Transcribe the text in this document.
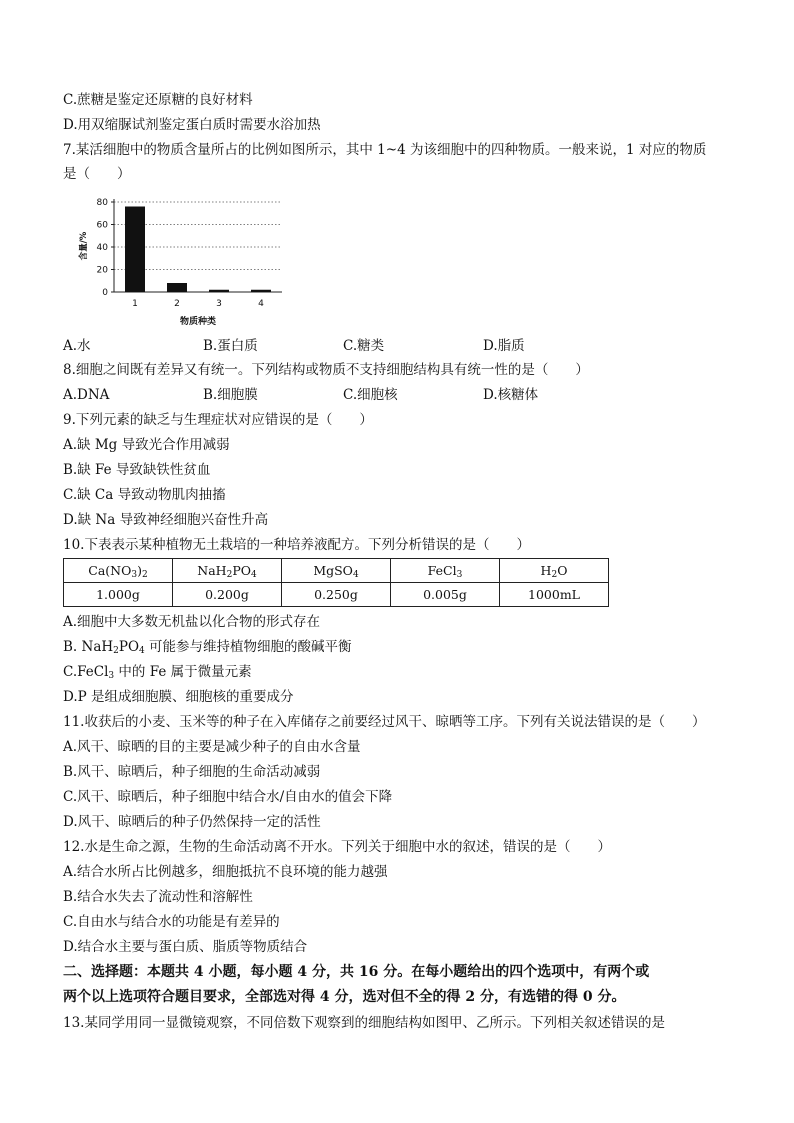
C.蔗糖是鉴定还原糖的良好材料
D.用双缩脲试剂鉴定蛋白质时需要水浴加热
7.某活细胞中的物质含量所占的比例如图所示，其中 1~4 为该细胞中的四种物质。一般来说，1 对应的物质
是（　　）
0
20
40
60
80
1	2	3	4
含量/%
物质种类
A.水	B.蛋白质	C.糖类	D.脂质
8.细胞之间既有差异又有统一。下列结构或物质不支持细胞结构具有统一性的是（　　）
A.DNA	B.细胞膜	C.细胞核	D.核糖体
9.下列元素的缺乏与生理症状对应错误的是（　　）
A.缺 Mg 导致光合作用减弱
B.缺 Fe 导致缺铁性贫血
C.缺 Ca 导致动物肌肉抽搐
D.缺 Na 导致神经细胞兴奋性升高
10.下表表示某种植物无土栽培的一种培养液配方。下列分析错误的是（　　）
$Ca(NO_3)_2$	$NaH_2PO_4$	MgSO$_4$	FeCl$_3$	$H_2O$
1.000g	0.200g	0.250g	0.005g	1000mL
A.细胞中大多数无机盐以化合物的形式存在
B. $NaH_2PO_4$ 可能参与维持植物细胞的酸碱平衡
C.FeCl$_3$ 中的 Fe 属于微量元素
D.P 是组成细胞膜、细胞核的重要成分
11.收获后的小麦、玉米等的种子在入库储存之前要经过风干、晾晒等工序。下列有关说法错误的是（　　）
A.风干、晾晒的目的主要是减少种子的自由水含量
B.风干、晾晒后，种子细胞的生命活动减弱
C.风干、晾晒后，种子细胞中结合水/自由水的值会下降
D.风干、晾晒后的种子仍然保持一定的活性
12.水是生命之源，生物的生命活动离不开水。下列关于细胞中水的叙述，错误的是（　　）
A.结合水所占比例越多，细胞抵抗不良环境的能力越强
B.结合水失去了流动性和溶解性
C.自由水与结合水的功能是有差异的
D.结合水主要与蛋白质、脂质等物质结合
二、选择题：本题共 4 小题，每小题 4 分，共 16 分。在每小题给出的四个选项中，有两个或
两个以上选项符合题目要求，全部选对得 4 分，选对但不全的得 2 分，有选错的得 0 分。
13.某同学用同一显微镜观察，不同倍数下观察到的细胞结构如图甲、乙所示。下列相关叙述错误的是
